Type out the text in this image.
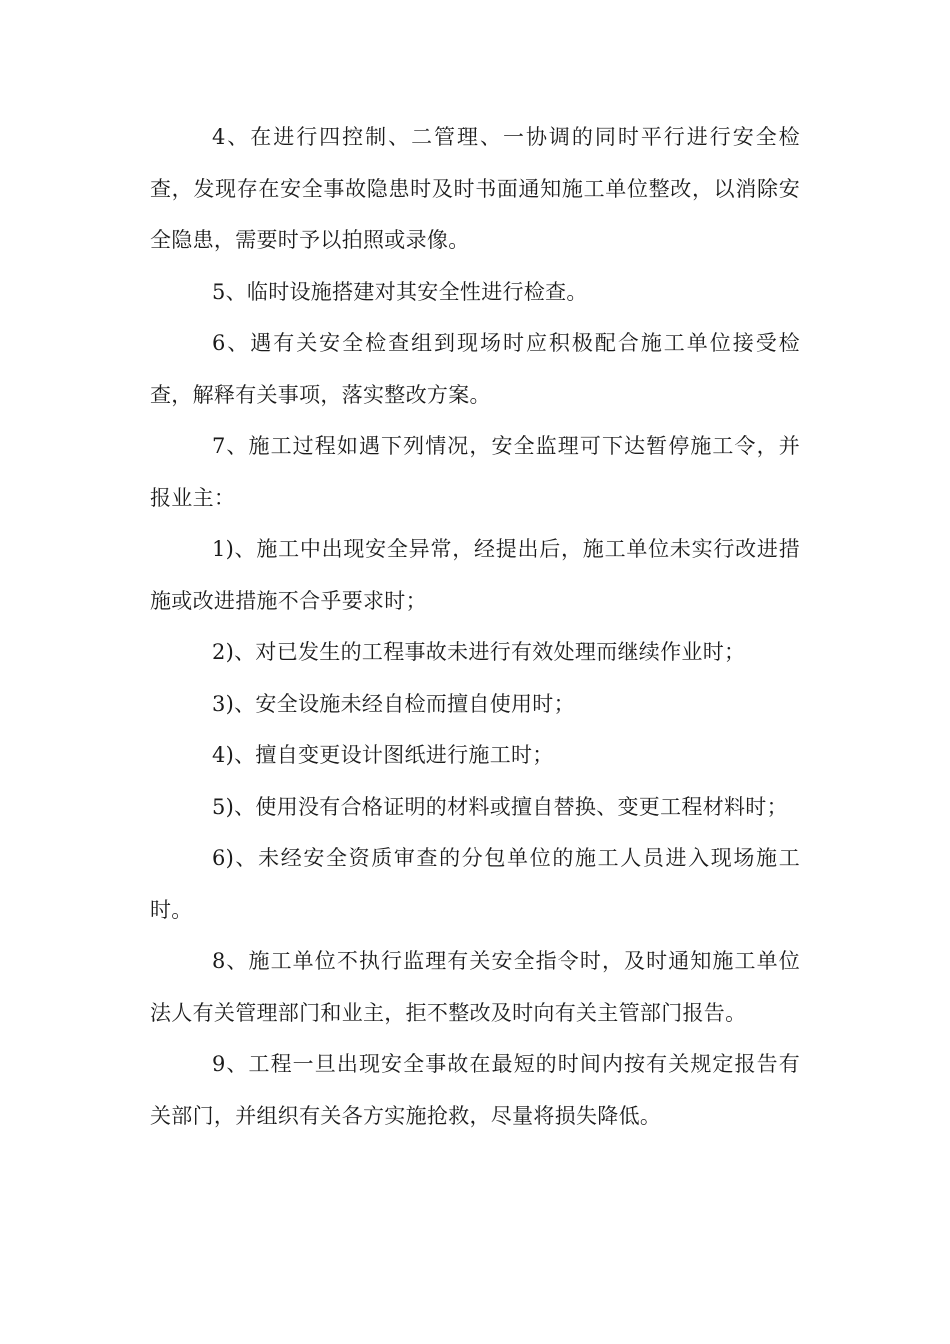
4、在进行四控制、二管理、一协调的同时平行进行安全检查，发现存在安全事故隐患时及时书面通知施工单位整改，以消除安全隐患，需要时予以拍照或录像。

5、临时设施搭建对其安全性进行检查。

6、遇有关安全检查组到现场时应积极配合施工单位接受检查，解释有关事项，落实整改方案。

7、施工过程如遇下列情况，安全监理可下达暂停施工令，并报业主：

1)、施工中出现安全异常，经提出后，施工单位未实行改进措施或改进措施不合乎要求时；

2)、对已发生的工程事故未进行有效处理而继续作业时；

3)、安全设施未经自检而擅自使用时；

4)、擅自变更设计图纸进行施工时；

5)、使用没有合格证明的材料或擅自替换、变更工程材料时；

6)、未经安全资质审查的分包单位的施工人员进入现场施工时。

8、施工单位不执行监理有关安全指令时，及时通知施工单位法人有关管理部门和业主，拒不整改及时向有关主管部门报告。

9、工程一旦出现安全事故在最短的时间内按有关规定报告有关部门，并组织有关各方实施抢救，尽量将损失降低。
